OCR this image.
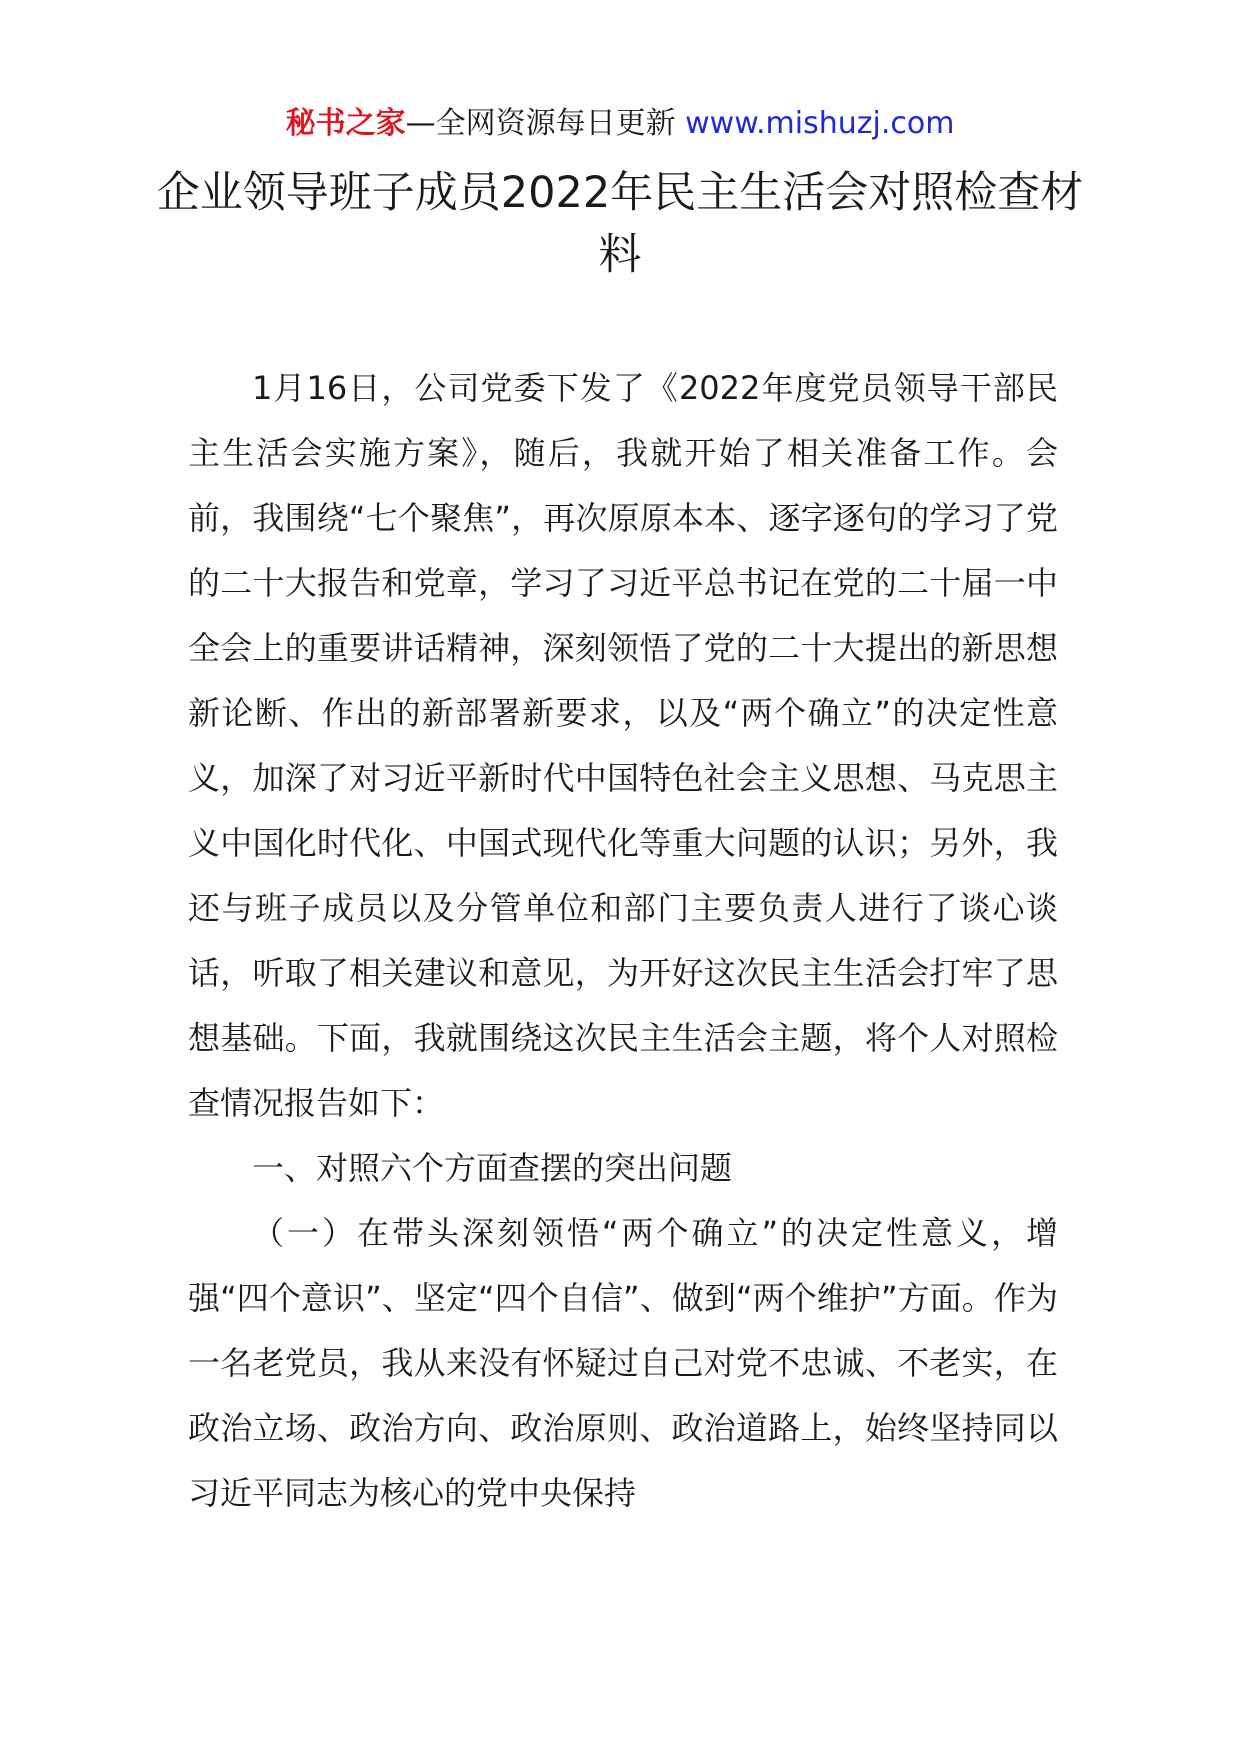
秘书之家—全网资源每日更新 www.mishuzj.com
企业领导班子成员2022年民主生活会对照检查材料

1月16日，公司党委下发了《2022年度党员领导干部民主生活会实施方案》，随后，我就开始了相关准备工作。会前，我围绕“七个聚焦”，再次原原本本、逐字逐句的学习了党的二十大报告和党章，学习了习近平总书记在党的二十届一中全会上的重要讲话精神，深刻领悟了党的二十大提出的新思想新论断、作出的新部署新要求，以及“两个确立”的决定性意义，加深了对习近平新时代中国特色社会主义思想、马克思主义中国化时代化、中国式现代化等重大问题的认识；另外，我还与班子成员以及分管单位和部门主要负责人进行了谈心谈话，听取了相关建议和意见，为开好这次民主生活会打牢了思想基础。下面，我就围绕这次民主生活会主题，将个人对照检查情况报告如下：

一、对照六个方面查摆的突出问题

（一）在带头深刻领悟“两个确立”的决定性意义，增强“四个意识”、坚定“四个自信”、做到“两个维护”方面。作为一名老党员，我从来没有怀疑过自己对党不忠诚、不老实，在政治立场、政治方向、政治原则、政治道路上，始终坚持同以习近平同志为核心的党中央保持
